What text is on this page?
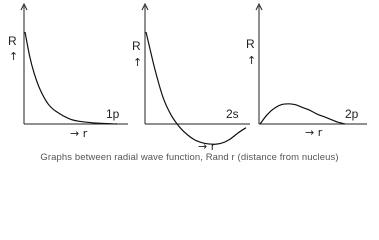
R
↑
→ r
1p
R
↑
→ r
2s
R
↑
→ r
2p
Graphs between radial wave function, Rand r (distance from nucleus)
